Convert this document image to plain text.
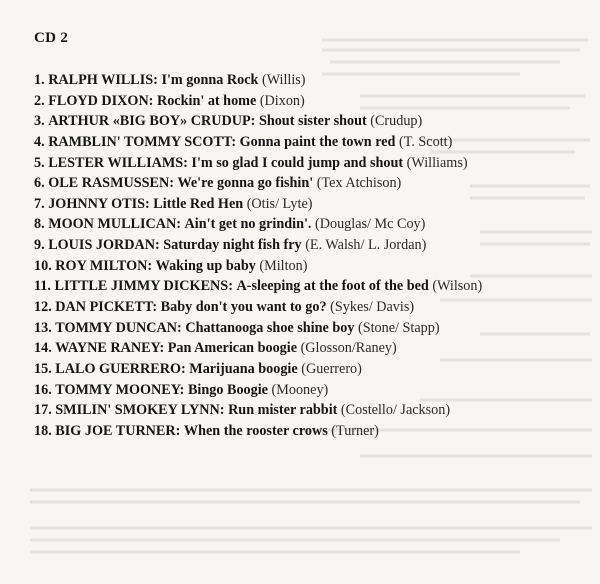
CD 2
1. RALPH WILLIS: I'm gonna Rock (Willis)
2. FLOYD DIXON: Rockin' at home (Dixon)
3. ARTHUR «BIG BOY» CRUDUP: Shout sister shout (Crudup)
4. RAMBLIN' TOMMY SCOTT: Gonna paint the town red (T. Scott)
5. LESTER WILLIAMS: I'm so glad I could jump and shout (Williams)
6. OLE RASMUSSEN: We're gonna go fishin' (Tex Atchison)
7. JOHNNY OTIS: Little Red Hen (Otis/ Lyte)
8. MOON MULLICAN: Ain't get no grindin'. (Douglas/ Mc Coy)
9. LOUIS JORDAN: Saturday night fish fry (E. Walsh/ L. Jordan)
10. ROY MILTON: Waking up baby (Milton)
11. LITTLE JIMMY DICKENS: A-sleeping at the foot of the bed (Wilson)
12. DAN PICKETT: Baby don't you want to go? (Sykes/ Davis)
13. TOMMY DUNCAN: Chattanooga shoe shine boy (Stone/ Stapp)
14. WAYNE RANEY: Pan American boogie (Glosson/Raney)
15. LALO GUERRERO: Marijuana boogie (Guerrero)
16. TOMMY MOONEY: Bingo Boogie (Mooney)
17. SMILIN' SMOKEY LYNN: Run mister rabbit (Costello/ Jackson)
18. BIG JOE TURNER: When the rooster crows (Turner)
